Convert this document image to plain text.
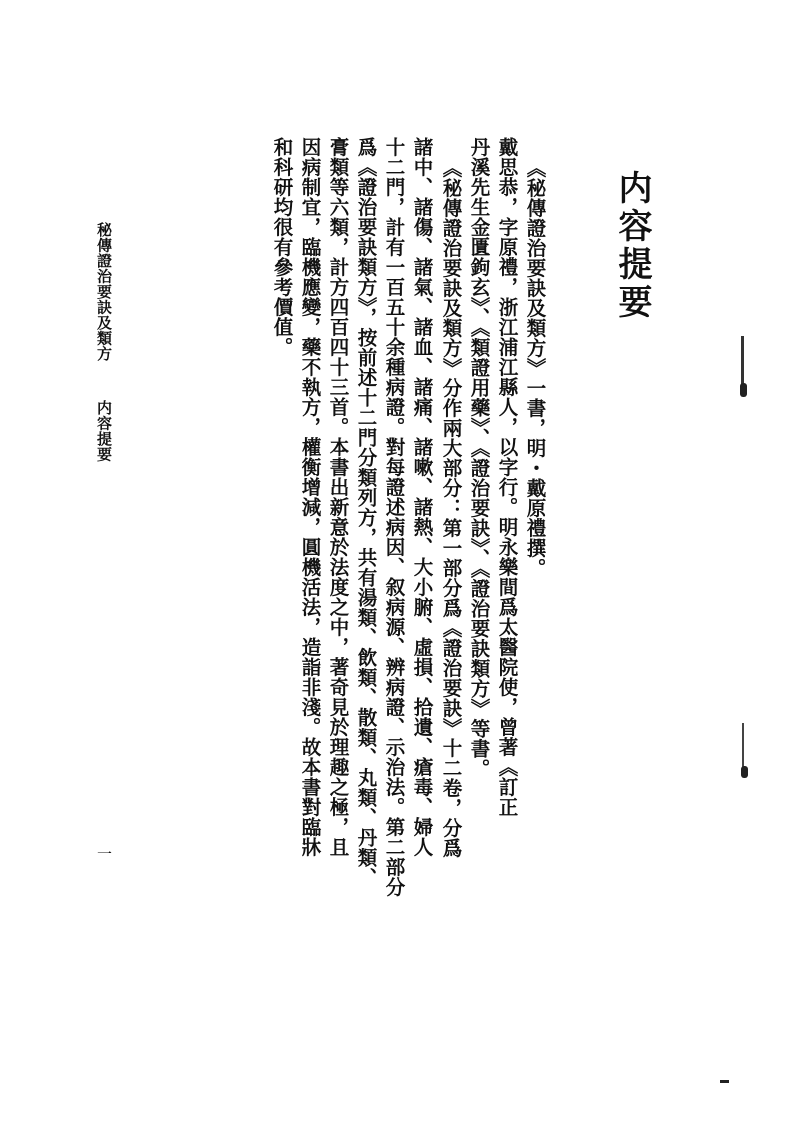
内容提要
《秘傳證治要訣及類方》一書，明・戴原禮撰。
戴思恭，字原禮，浙江浦江縣人，以字行。明永樂間爲太醫院使，曾著《訂正
丹溪先生金匱鉤玄》、《類證用藥》、《證治要訣》、《證治要訣類方》等書。
《秘傳證治要訣及類方》分作兩大部分：第一部分爲《證治要訣》十二卷，分爲
諸中、諸傷、諸氣、諸血、諸痛、諸嗽、諸熱、大小腑、虛損、拾遺、瘡毒、婦人
十二門，計有一百五十余種病證。對每證述病因、叙病源、辨病證、示治法。第二部分
爲《證治要訣類方》，按前述十二門分類列方，共有湯類、飲類、散類、丸類、丹類、
膏類等六類，計方四百四十三首。本書出新意於法度之中，著奇見於理趣之極，且
因病制宜，臨機應變，藥不執方，權衡增減，圓機活法，造詣非淺。故本書對臨牀
和科研均很有參考價值。
秘傳證治要訣及類方
内容提要
一
